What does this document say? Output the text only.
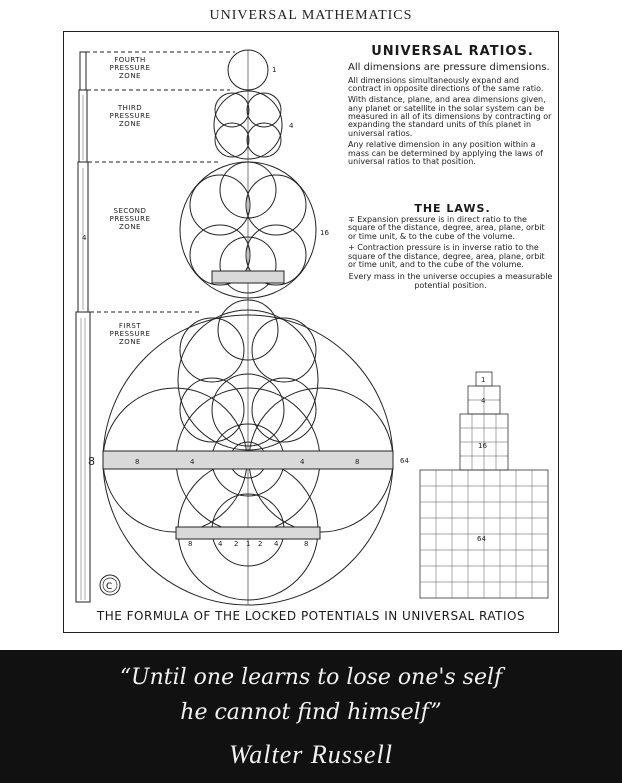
UNIVERSAL MATHEMATICS
4
1
4
16
64
8	8	4	4	8
8	4 2 1 2 4	8
1
4
16
64
C
FOURTH PRESSURE ZONE
THIRD PRESSURE ZONE
SECOND PRESSURE ZONE
FIRST PRESSURE ZONE
UNIVERSAL RATIOS.

All dimensions are pressure dimensions.

All dimensions simultaneously expand and contract in opposite directions of the same ratio.

With distance, plane, and area dimensions given, any planet or satellite in the solar system can be measured in all of its dimensions by contracting or expanding the standard units of this planet in universal ratios.

Any relative dimension in any position within a mass can be determined by applying the laws of universal ratios to that position.

THE LAWS.

∓ Expansion pressure is in direct ratio to the square of the distance, degree, area, plane, orbit or time unit, & to the cube of the volume.

+ Contraction pressure is in inverse ratio to the square of the distance, degree, area, plane, orbit or time unit, and to the cube of the volume.

Every mass in the universe occupies a measurable potential position.

THE FORMULA OF THE LOCKED POTENTIALS IN UNIVERSAL RATIOS
“Until one learns to lose one's self
he cannot find himself”
Walter Russell
